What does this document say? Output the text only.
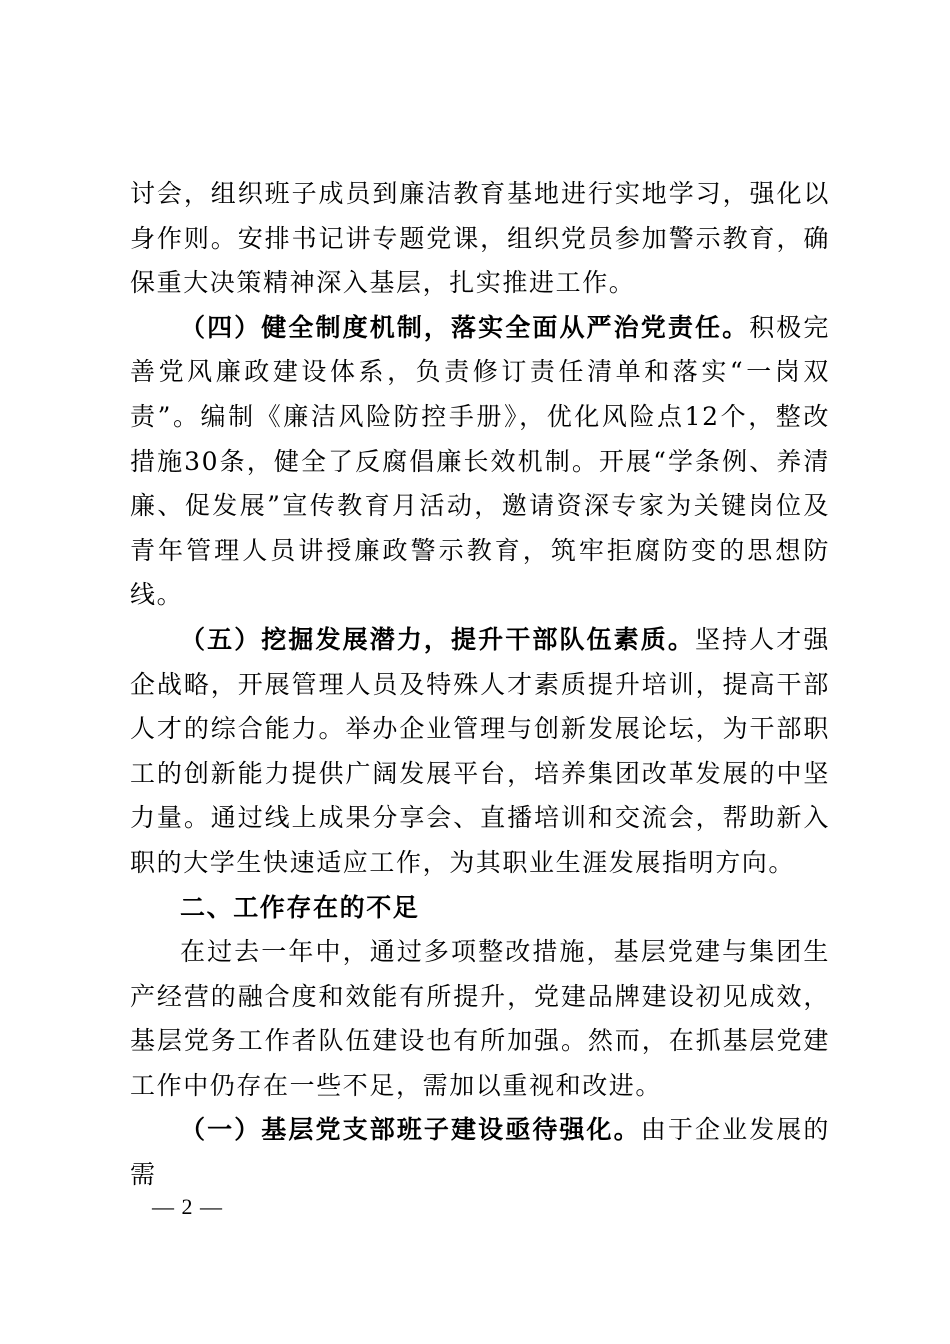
讨会，组织班子成员到廉洁教育基地进行实地学习，强化以身作则。安排书记讲专题党课，组织党员参加警示教育，确保重大决策精神深入基层，扎实推进工作。

（四）健全制度机制，落实全面从严治党责任。积极完善党风廉政建设体系，负责修订责任清单和落实“一岗双责”。编制《廉洁风险防控手册》，优化风险点12个，整改措施30条，健全了反腐倡廉长效机制。开展“学条例、养清廉、促发展”宣传教育月活动，邀请资深专家为关键岗位及青年管理人员讲授廉政警示教育，筑牢拒腐防变的思想防线。

（五）挖掘发展潜力，提升干部队伍素质。坚持人才强企战略，开展管理人员及特殊人才素质提升培训，提高干部人才的综合能力。举办企业管理与创新发展论坛，为干部职工的创新能力提供广阔发展平台，培养集团改革发展的中坚力量。通过线上成果分享会、直播培训和交流会，帮助新入职的大学生快速适应工作，为其职业生涯发展指明方向。

二、工作存在的不足

在过去一年中，通过多项整改措施，基层党建与集团生产经营的融合度和效能有所提升，党建品牌建设初见成效，基层党务工作者队伍建设也有所加强。然而，在抓基层党建工作中仍存在一些不足，需加以重视和改进。

（一）基层党支部班子建设亟待强化。由于企业发展的需

— 2 —
